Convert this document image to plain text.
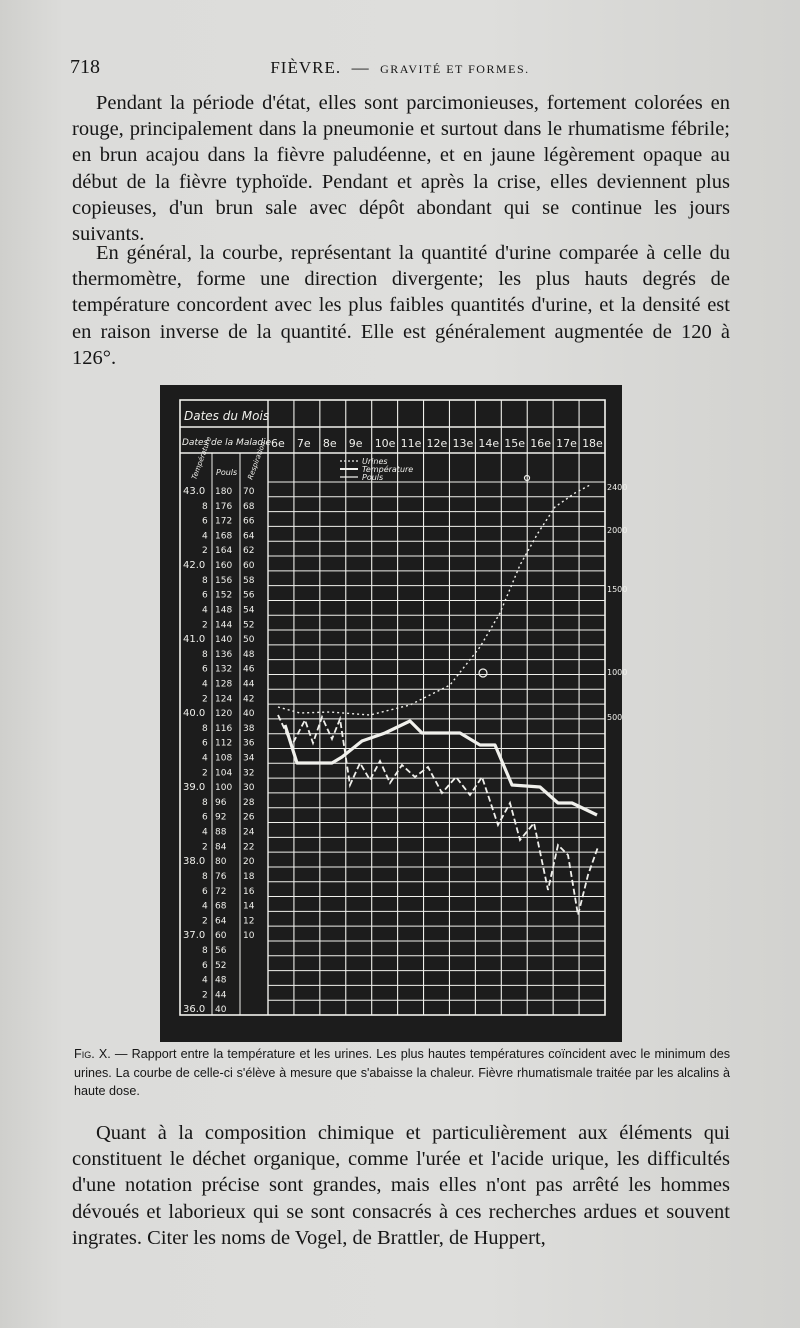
718	FIÈVRE. — GRAVITÉ ET FORMES.

Pendant la période d'état, elles sont parcimonieuses, fortement colorées en rouge, principalement dans la pneumonie et surtout dans le rhumatisme fébrile; en brun acajou dans la fièvre paludéenne, et en jaune légèrement opaque au début de la fièvre typhoïde. Pendant et après la crise, elles deviennent plus copieuses, d'un brun sale avec dépôt abondant qui se continue les jours suivants.

En général, la courbe, représentant la quantité d'urine comparée à celle du thermomètre, forme une direction divergente; les plus hauts degrés de température concordent avec les plus faibles quantités d'urine, et la densité est en raison inverse de la quantité. Elle est généralement augmentée de 120 à 126°.

Dates du Mois
Dates de la Maladie 6e 7e 8e 9e 10e 11e 12e 13e 14e 15e 16e 17e 18e
Urines
Température
Pouls
Température Pouls Respiration
43.0
8
6
4
2
42.0
8
6
4
2
41.0
8
6
4
2
40.0
8
6
4
2
39.0
8
6
4
2
38.0
8
6
4
2
37.0
8
6
4
2
36.0
180
176
172
168
164
160
156
152
148
144
140
136
132
128
124
120
116
112
108
104
100
96
92
88
84
80
76
72
68
64
60
56
52
48
44
40
70
68
66
64
62
60
58
56
54
52
50
48
46
44
42
40
38
36
34
32
30
28
26
24
22
20
18
16
14
12
10
2400
2000
1500
1000
500
Fig. X. — Rapport entre la température et les urines. Les plus hautes températures coïncident avec le minimum des urines. La courbe de celle-ci s'élève à mesure que s'abaisse la chaleur. Fièvre rhumatismale traitée par les alcalins à haute dose.

Quant à la composition chimique et particulièrement aux éléments qui constituent le déchet organique, comme l'urée et l'acide urique, les difficultés d'une notation précise sont grandes, mais elles n'ont pas arrêté les hommes dévoués et laborieux qui se sont consacrés à ces recherches ardues et souvent ingrates. Citer les noms de Vogel, de Brattler, de Huppert,
